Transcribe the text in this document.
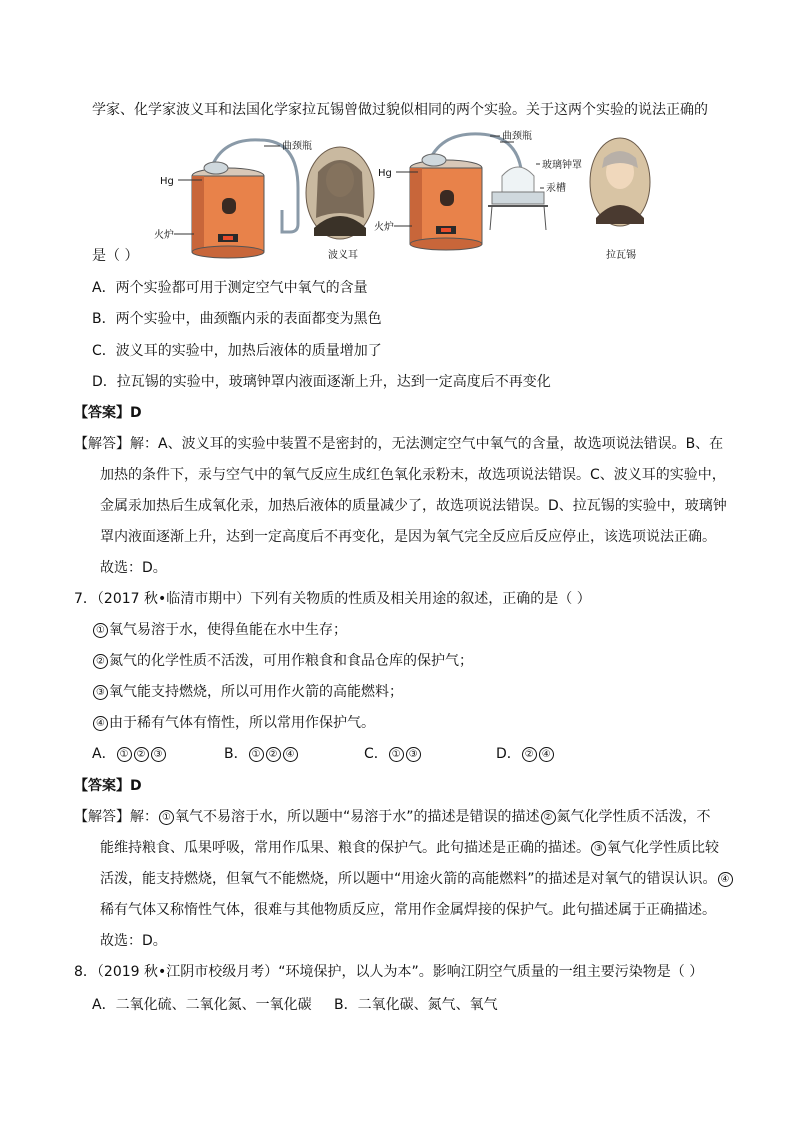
学家、化学家波义耳和法国化学家拉瓦锡曾做过貌似相同的两个实验。关于这两个实验的说法正确的
曲颈瓶
Hg
火炉
波义耳
曲颈瓶
玻璃钟罩
汞槽
Hg
火炉
拉瓦锡
是（ ）
A．两个实验都可用于测定空气中氧气的含量
B．两个实验中，曲颈甑内汞的表面都变为黑色
C．波义耳的实验中，加热后液体的质量增加了
D．拉瓦锡的实验中，玻璃钟罩内液面逐渐上升，达到一定高度后不再变化
【答案】D
【解答】解：A、波义耳的实验中装置不是密封的，无法测定空气中氧气的含量，故选项说法错误。B、在
加热的条件下，汞与空气中的氧气反应生成红色氧化汞粉末，故选项说法错误。C、波义耳的实验中，
金属汞加热后生成氧化汞，加热后液体的质量减少了，故选项说法错误。D、拉瓦锡的实验中，玻璃钟
罩内液面逐渐上升，达到一定高度后不再变化，是因为氧气完全反应后反应停止，该选项说法正确。
故选：D。
7．（2017 秋•临清市期中）下列有关物质的性质及相关用途的叙述，正确的是（ ）
① 氧气易溶于水，使得鱼能在水中生存；
② 氮气的化学性质不活泼，可用作粮食和食品仓库的保护气；
③ 氧气能支持燃烧，所以可用作火箭的高能燃料；
④ 由于稀有气体有惰性，所以常用作保护气。
A． ① ② ③	B． ① ② ④	C． ① ③	D． ② ④
【答案】D
【解答】解： ① 氧气不易溶于水，所以题中“易溶于水”的描述是错误的描述 ② 氮气化学性质不活泼，不
能维持粮食、瓜果呼吸，常用作瓜果、粮食的保护气。此句描述是正确的描述。 ③ 氧气化学性质比较
活泼，能支持燃烧，但氧气不能燃烧，所以题中“用途火箭的高能燃料”的描述是对氧气的错误认识。 ④
稀有气体又称惰性气体，很难与其他物质反应，常用作金属焊接的保护气。此句描述属于正确描述。
故选：D。
8．（2019 秋•江阴市校级月考）“环境保护，以人为本”。影响江阴空气质量的一组主要污染物是（ ）
A．二氧化硫、二氧化氮、一氧化碳 B．二氧化碳、氮气、氧气
